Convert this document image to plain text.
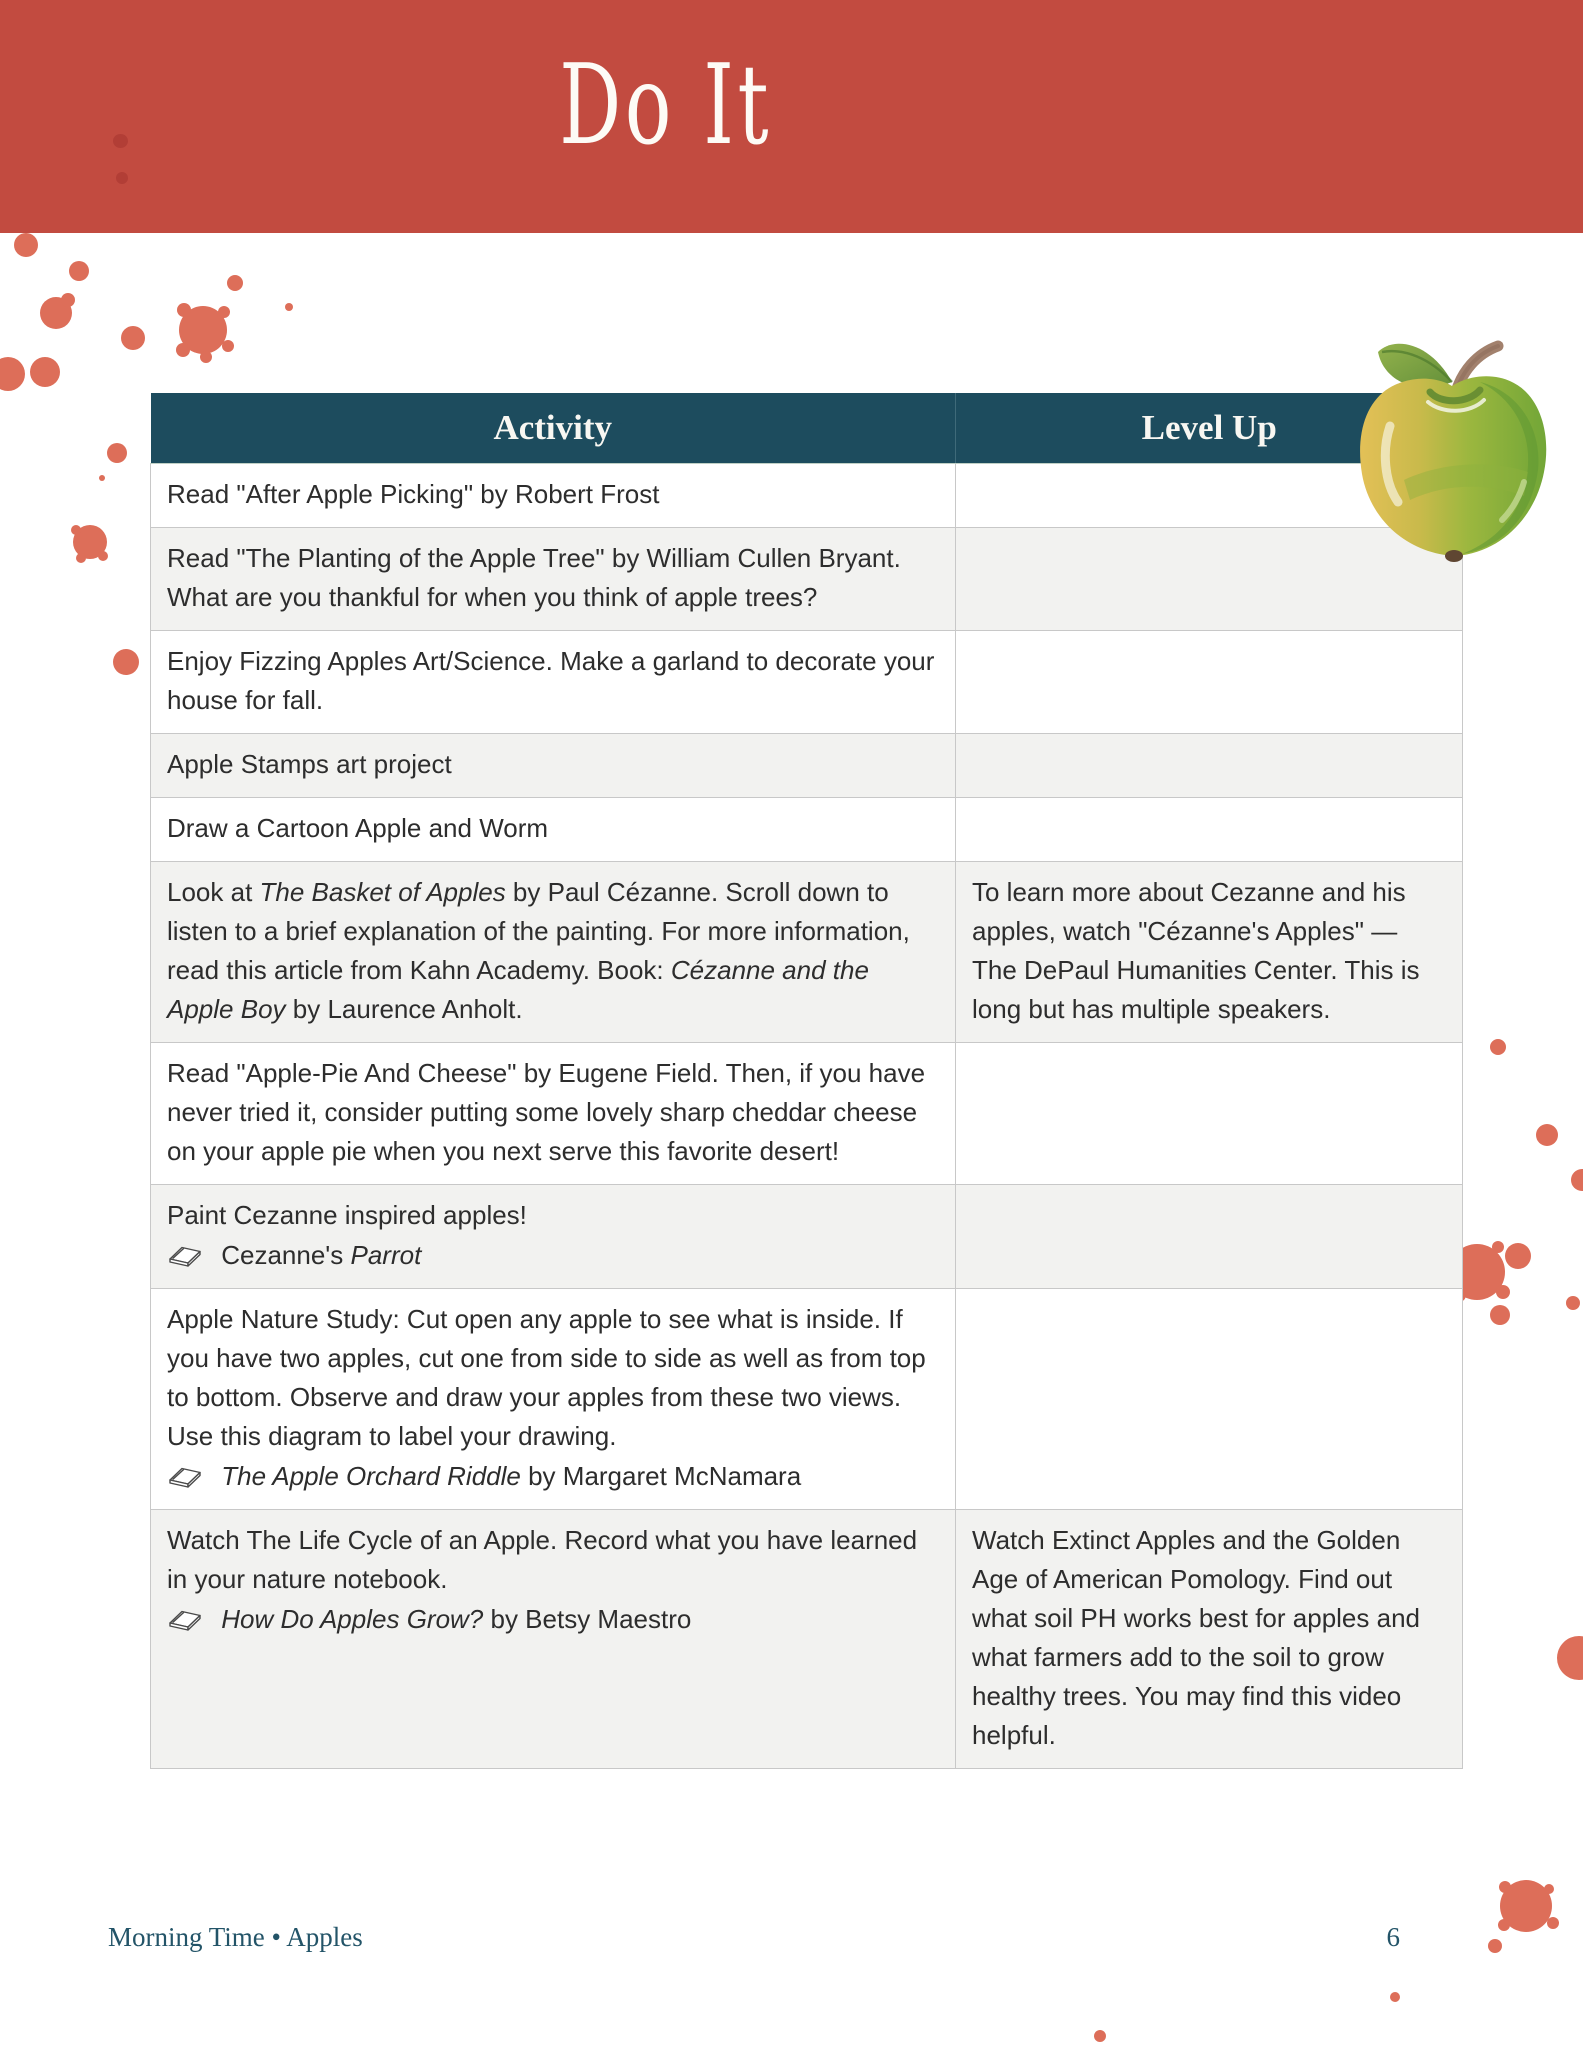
Do It
Activity	Level Up

Read "After Apple Picking" by Robert Frost	

Read "The Planting of the Apple Tree" by William Cullen Bryant. What are you thankful for when you think of apple trees?	

Enjoy Fizzing Apples Art/Science. Make a garland to decorate your house for fall.	

Apple Stamps art project	

Draw a Cartoon Apple and Worm	

Look at The Basket of Apples by Paul Cézanne. Scroll down to listen to a brief explanation of the painting. For more information, read this article from Kahn Academy. Book: Cézanne and the Apple Boy by Laurence Anholt.	To learn more about Cezanne and his apples, watch "Cézanne's Apples" — The DePaul Humanities Center. This is long but has multiple speakers.

Read "Apple-Pie And Cheese" by Eugene Field. Then, if you have never tried it, consider putting some lovely sharp cheddar cheese on your apple pie when you next serve this favorite desert!	

Paint Cezanne inspired apples!
Cezanne's Parrot	

Apple Nature Study: Cut open any apple to see what is inside. If you have two apples, cut one from side to side as well as from top to bottom. Observe and draw your apples from these two views. Use this diagram to label your drawing.
The Apple Orchard Riddle by Margaret McNamara	

Watch The Life Cycle of an Apple. Record what you have learned in your nature notebook.
How Do Apples Grow? by Betsy Maestro	Watch Extinct Apples and the Golden Age of American Pomology. Find out what soil PH works best for apples and what farmers add to the soil to grow healthy trees. You may find this video helpful.
Morning Time • Apples	6
